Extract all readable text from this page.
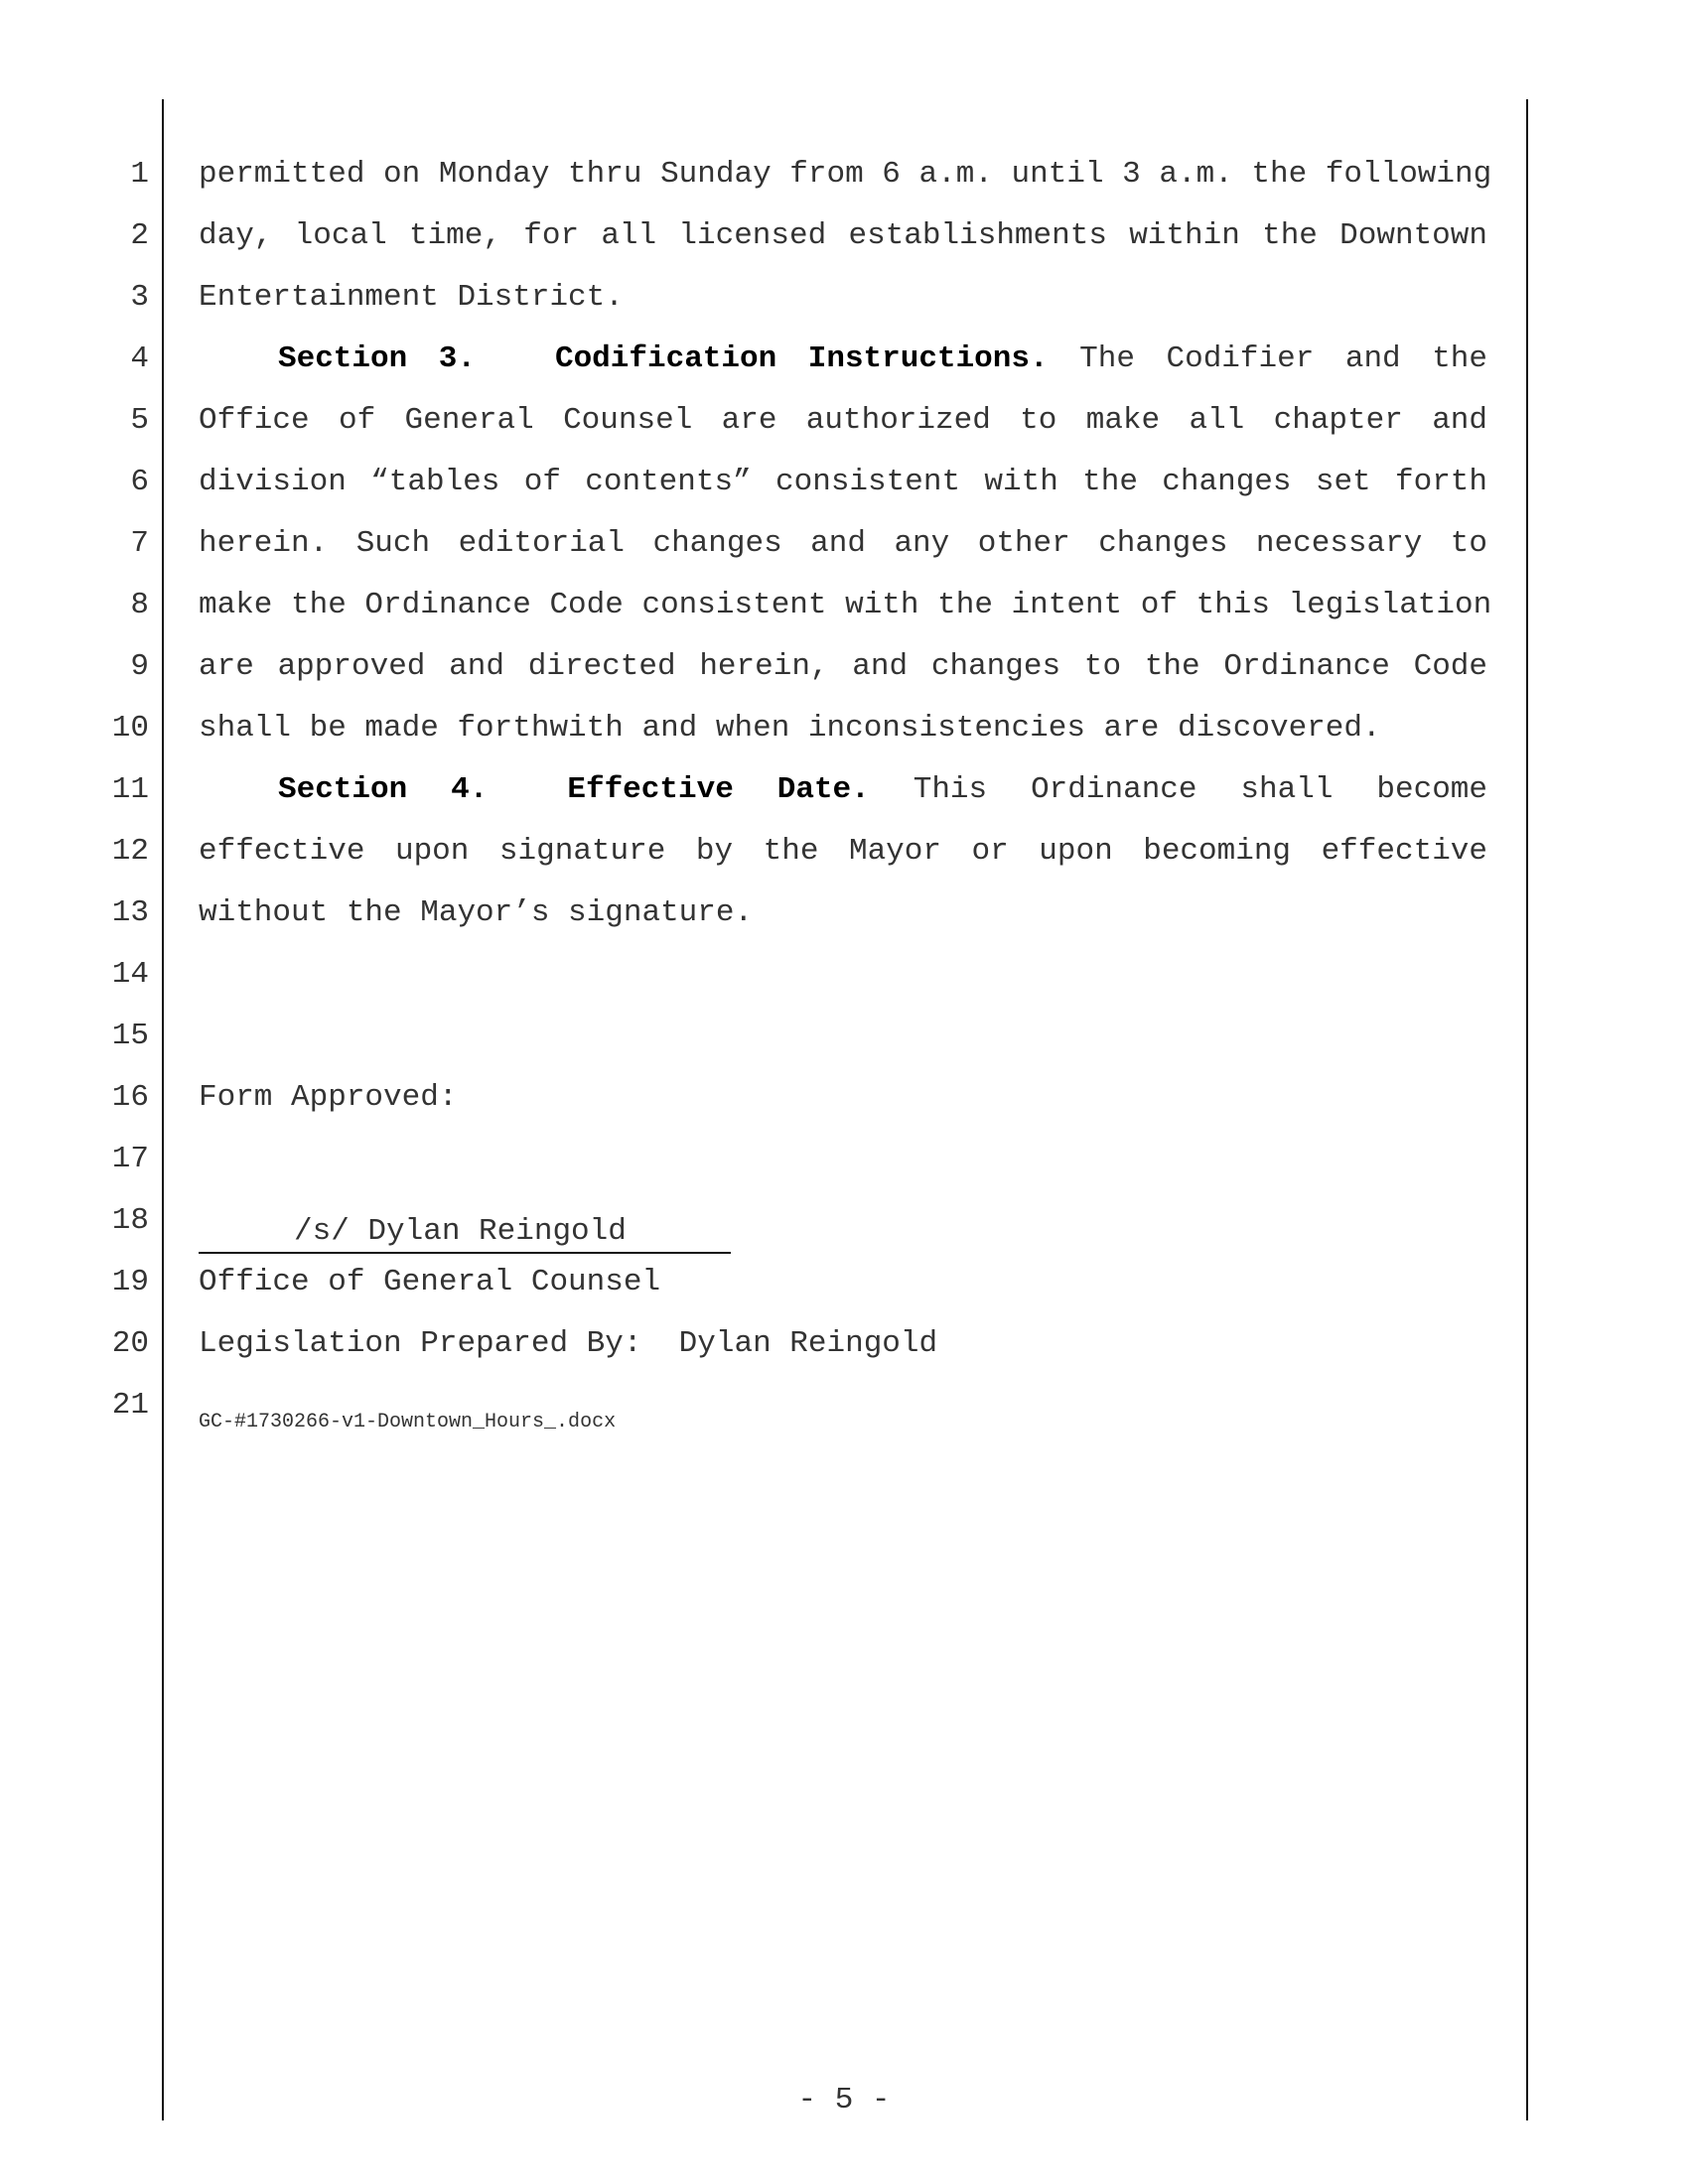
1
2
3
4
5
6
7
8
9
10
11
12
13
14
15
16
17
18
19
20
21
permitted on Monday thru Sunday from 6 a.m. until 3 a.m. the following
day, local time, for all licensed establishments within the Downtown
Entertainment District.
Section 3.	Codification Instructions. The Codifier and the
Office of General Counsel are authorized to make all chapter and
division “tables of contents” consistent with the changes set forth
herein. Such editorial changes and any other changes necessary to
make the Ordinance Code consistent with the intent of this legislation
are approved and directed herein, and changes to the Ordinance Code
shall be made forthwith and when inconsistencies are discovered.
Section 4.	Effective Date. This Ordinance shall become
effective upon signature by the Mayor or upon becoming effective
without the Mayor’s signature.
Form Approved:
/s/ Dylan Reingold
Office of General Counsel
Legislation Prepared By:  Dylan Reingold
GC-#1730266-v1-Downtown_Hours_.docx
- 5 -
